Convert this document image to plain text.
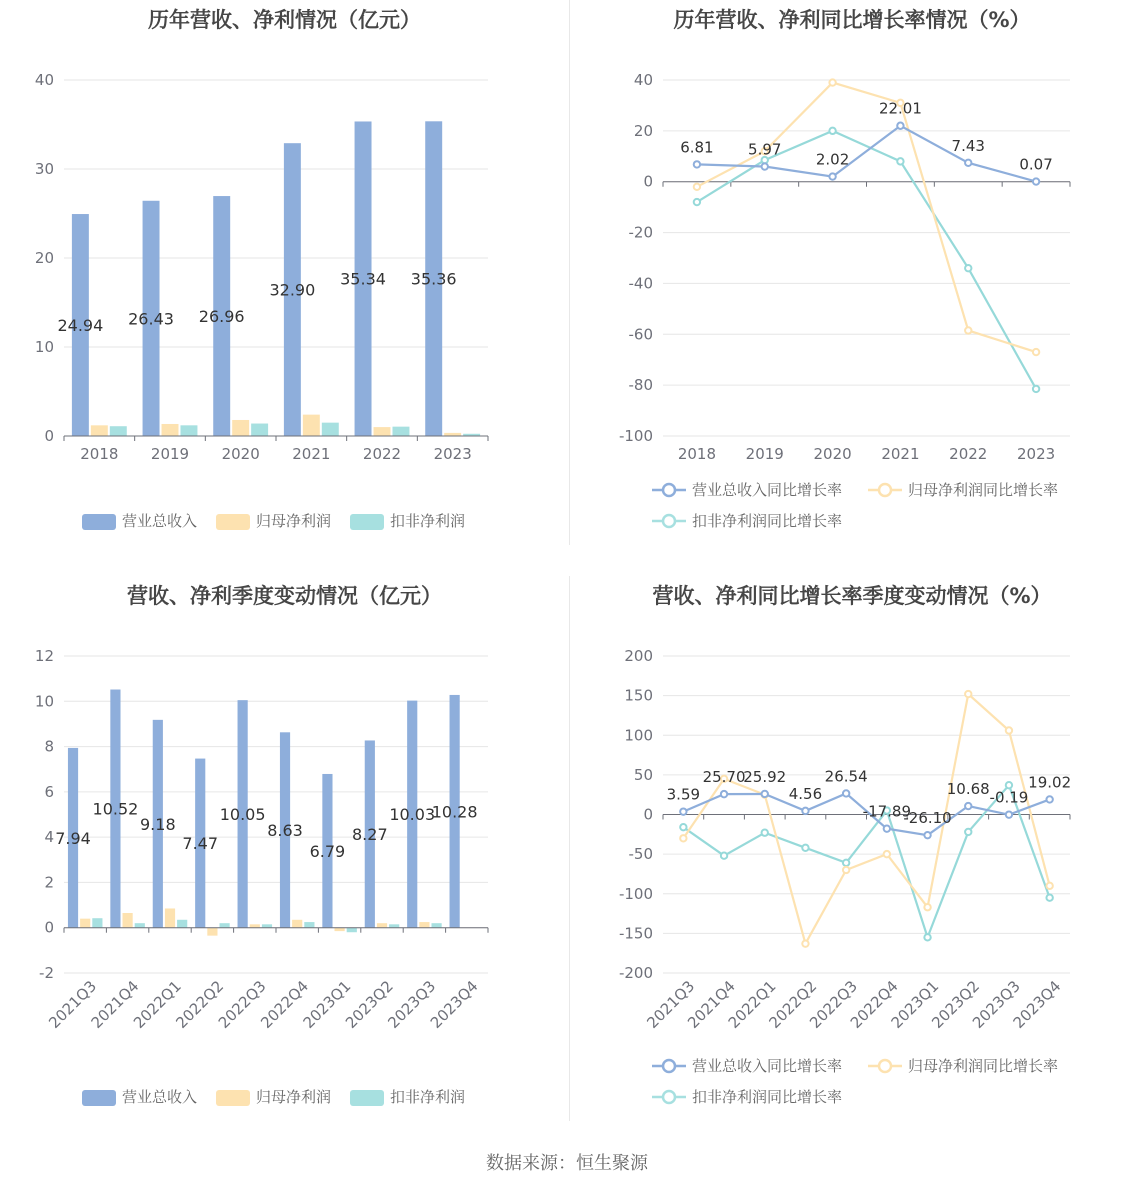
历年营收、净利情况（亿元）
0
10
20
30
40
2018 2019 2020 2021 2022 2023
24.94 26.43 26.96
32.90
35.34 35.36
营业总收入	归母净利润	扣非净利润
历年营收、净利同比增长率情况（%）
-100
-80
-60
-40
-20
0
20
40
2018 2019 2020 2021 2022 2023
6.81 5.97
2.02
22.01
7.43
0.07
营业总收入同比增长率	归母净利润同比增长率
扣非净利润同比增长率
营收、净利季度变动情况（亿元）
-2
0
2
4
6
8
10
12
2021Q3
2021Q4
2022Q1
2022Q2
2022Q3
2022Q4
2023Q1
2023Q2
2023Q3
2023Q4
7.94
10.52
9.18
7.47
10.05
8.63
6.79
8.27
10.03
10.28
营业总收入	归母净利润	扣非净利润
营收、净利同比增长率季度变动情况（%）
-200
-150
-100
-50
0
50
100
150
200
2021Q3
2021Q4
2022Q1
2022Q2
2022Q3
2022Q4
2023Q1
2023Q2
2023Q3
2023Q4
3.59
25.70
25.92
4.56
26.54
-17.89
-26.10
10.68 -0.19
19.02
营业总收入同比增长率	归母净利润同比增长率
扣非净利润同比增长率
数据来源：恒生聚源
